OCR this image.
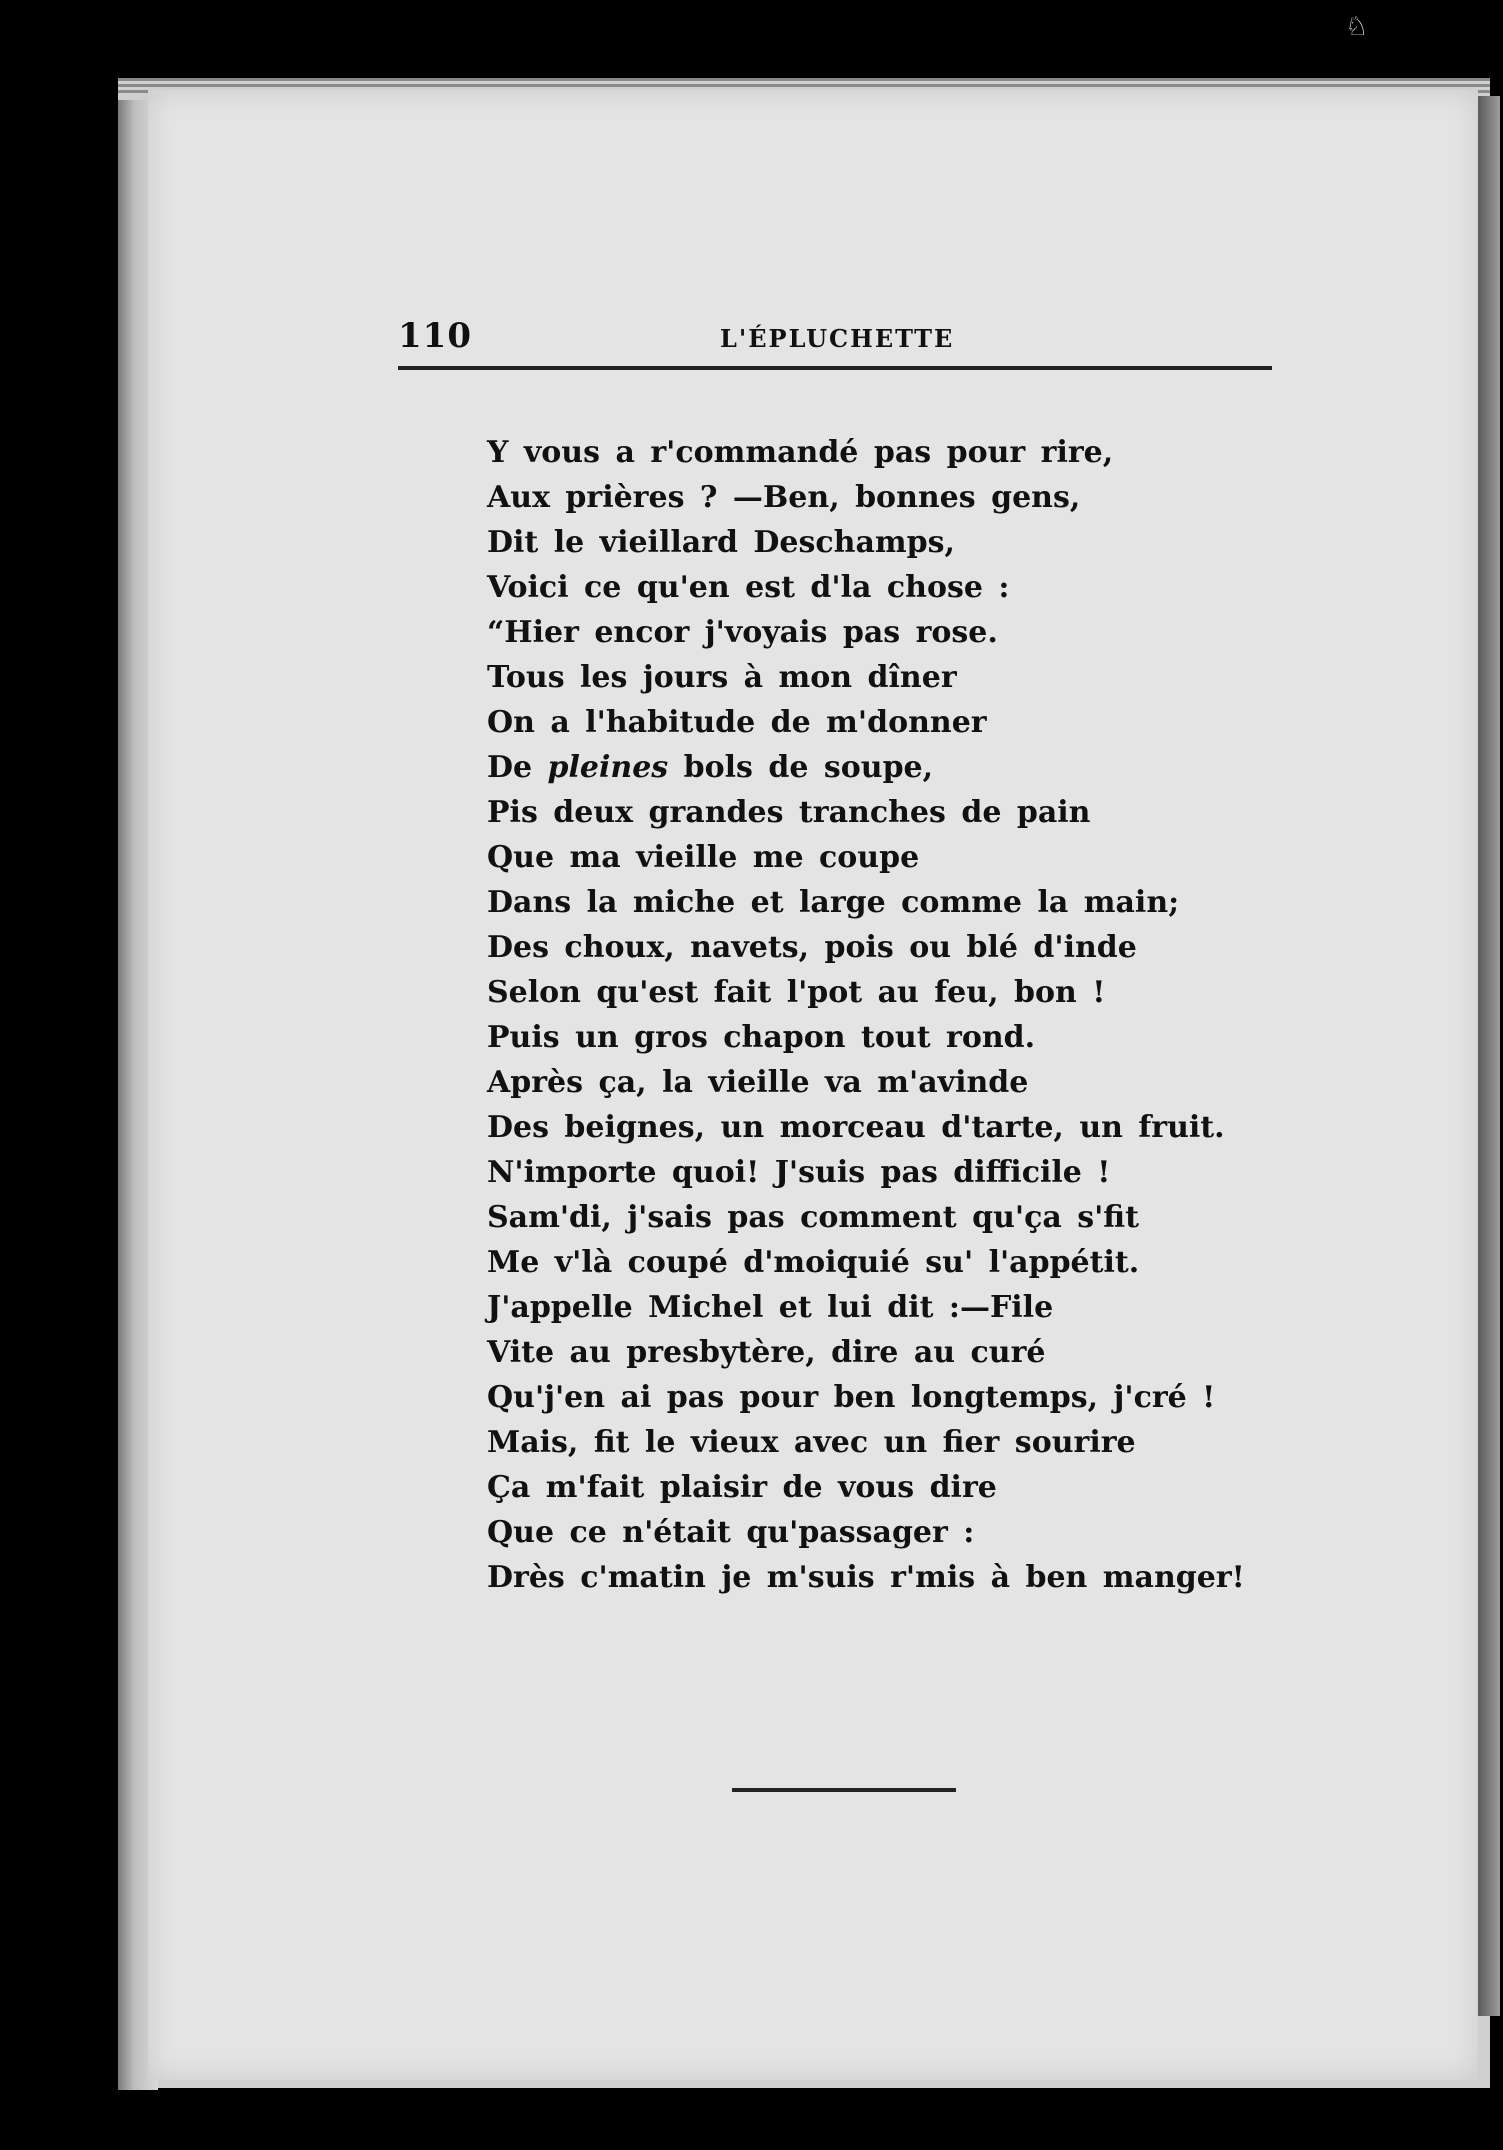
♘
110	L'ÉPLUCHETTE
Y vous a r'commandé pas pour rire,
Aux prières ? —Ben, bonnes gens,
Dit le vieillard Deschamps,
Voici ce qu'en est d'la chose :
“Hier encor j'voyais pas rose.
Tous les jours à mon dîner
On a l'habitude de m'donner
De pleines bols de soupe,
Pis deux grandes tranches de pain
Que ma vieille me coupe
Dans la miche et large comme la main;
Des choux, navets, pois ou blé d'inde
Selon qu'est fait l'pot au feu, bon !
Puis un gros chapon tout rond.
Après ça, la vieille va m'avinde
Des beignes, un morceau d'tarte, un fruit.
N'importe quoi! J'suis pas difficile !
Sam'di, j'sais pas comment qu'ça s'fit
Me v'là coupé d'moiquié su' l'appétit.
J'appelle Michel et lui dit :—File
Vite au presbytère, dire au curé
Qu'j'en ai pas pour ben longtemps, j'cré !
Mais, fit le vieux avec un fier sourire
Ça m'fait plaisir de vous dire
Que ce n'était qu'passager :
Drès c'matin je m'suis r'mis à ben manger!
